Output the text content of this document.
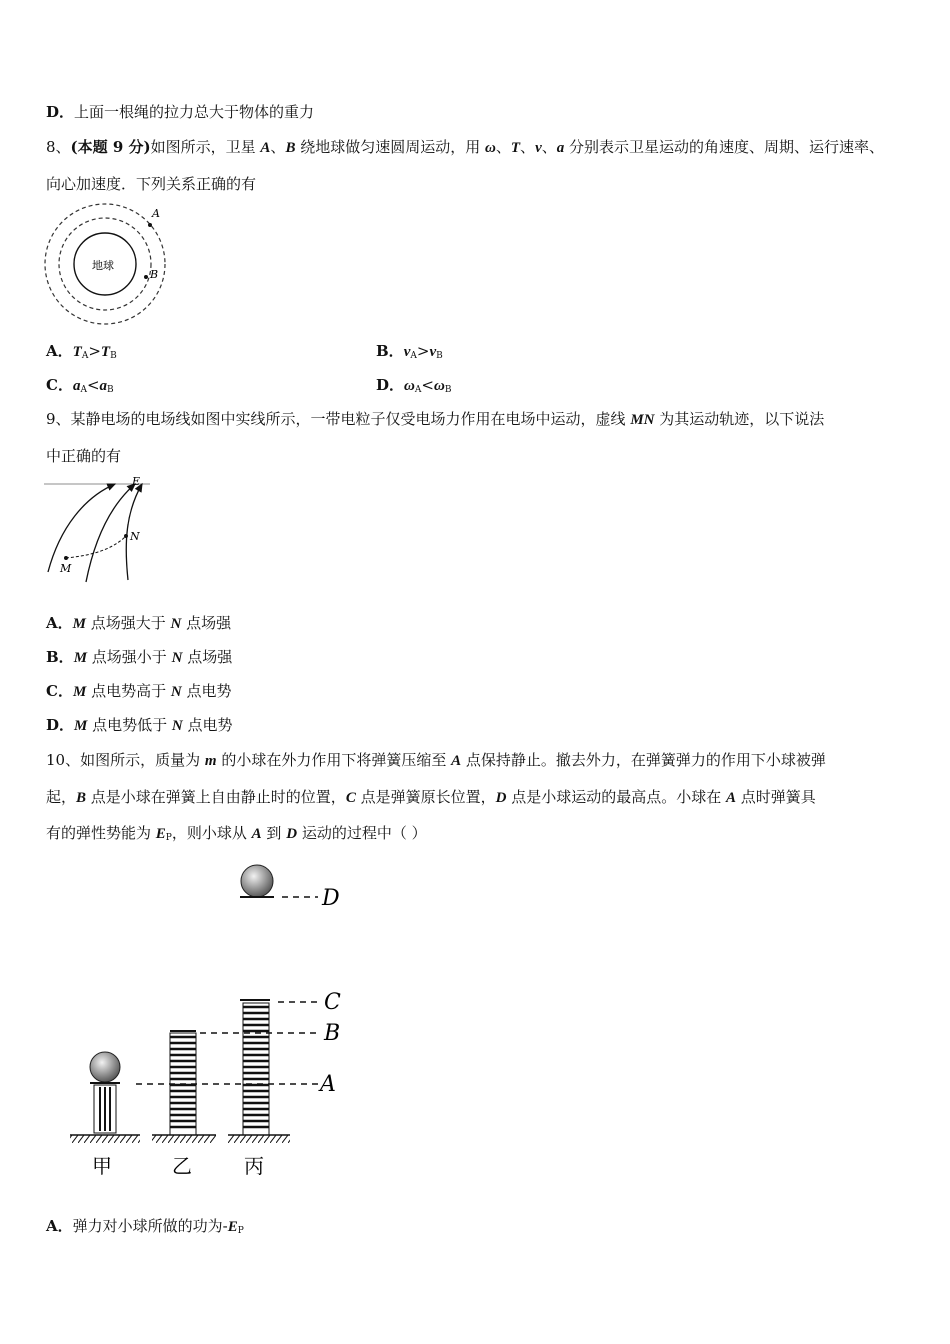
D．上面一根绳的拉力总大于物体的重力
8、(本题 9 分)如图所示，卫星 A、B 绕地球做匀速圆周运动，用 ω、T、v、a 分别表示卫星运动的角速度、周期、运行速率、
向心加速度．下列关系正确的有
地球
A
B
A．$T_A>T_B$	B．$v_A>v_B$
C．$a_A<a_B$	D．$\omega_A<\omega_B$
9、某静电场的电场线如图中实线所示，一带电粒子仅受电场力作用在电场中运动，虚线 MN 为其运动轨迹，以下说法
中正确的有
E
N
M
A．M 点场强大于 N 点场强
B．M 点场强小于 N 点场强
C．M 点电势高于 N 点电势
D．M 点电势低于 N 点电势
10、如图所示，质量为 m 的小球在外力作用下将弹簧压缩至 A 点保持静止。撤去外力，在弹簧弹力的作用下小球被弹
起，B 点是小球在弹簧上自由静止时的位置，C 点是弹簧原长位置，D 点是小球运动的最高点。小球在 A 点时弹簧具
有的弹性势能为 $E_P$，则小球从 A 到 D 运动的过程中（ ）
D
C
B
A
甲	乙	丙
A．弹力对小球所做的功为$-E_P$
